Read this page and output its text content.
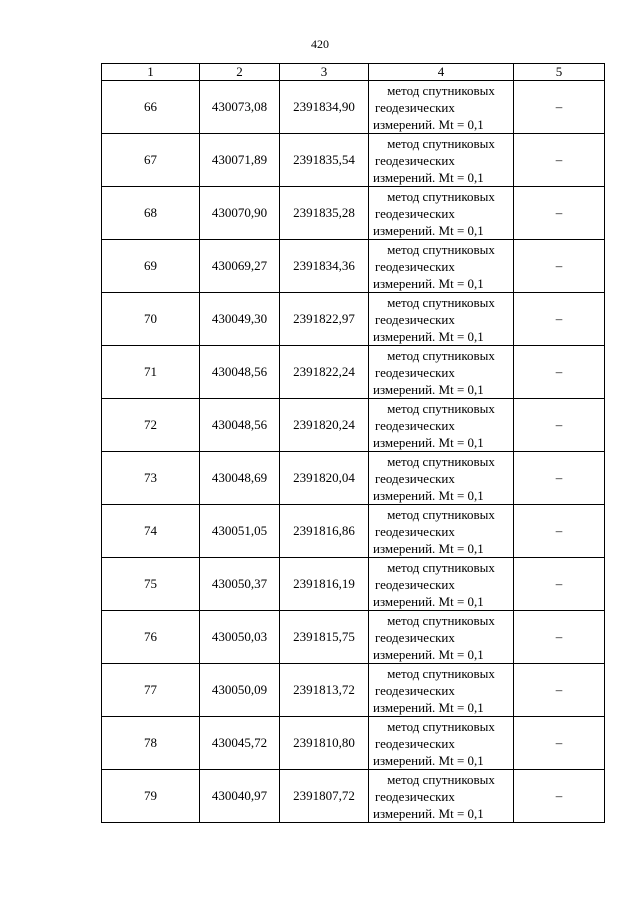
420
1	2	3	4	5
66	430073,08	2391834,90	метод спутниковых
геодезических
измерений. Mt = 0,1	–
67	430071,89	2391835,54	метод спутниковых
геодезических
измерений. Mt = 0,1	–
68	430070,90	2391835,28	метод спутниковых
геодезических
измерений. Mt = 0,1	–
69	430069,27	2391834,36	метод спутниковых
геодезических
измерений. Mt = 0,1	–
70	430049,30	2391822,97	метод спутниковых
геодезических
измерений. Mt = 0,1	–
71	430048,56	2391822,24	метод спутниковых
геодезических
измерений. Mt = 0,1	–
72	430048,56	2391820,24	метод спутниковых
геодезических
измерений. Mt = 0,1	–
73	430048,69	2391820,04	метод спутниковых
геодезических
измерений. Mt = 0,1	–
74	430051,05	2391816,86	метод спутниковых
геодезических
измерений. Mt = 0,1	–
75	430050,37	2391816,19	метод спутниковых
геодезических
измерений. Mt = 0,1	–
76	430050,03	2391815,75	метод спутниковых
геодезических
измерений. Mt = 0,1	–
77	430050,09	2391813,72	метод спутниковых
геодезических
измерений. Mt = 0,1	–
78	430045,72	2391810,80	метод спутниковых
геодезических
измерений. Mt = 0,1	–
79	430040,97	2391807,72	метод спутниковых
геодезических
измерений. Mt = 0,1	–
